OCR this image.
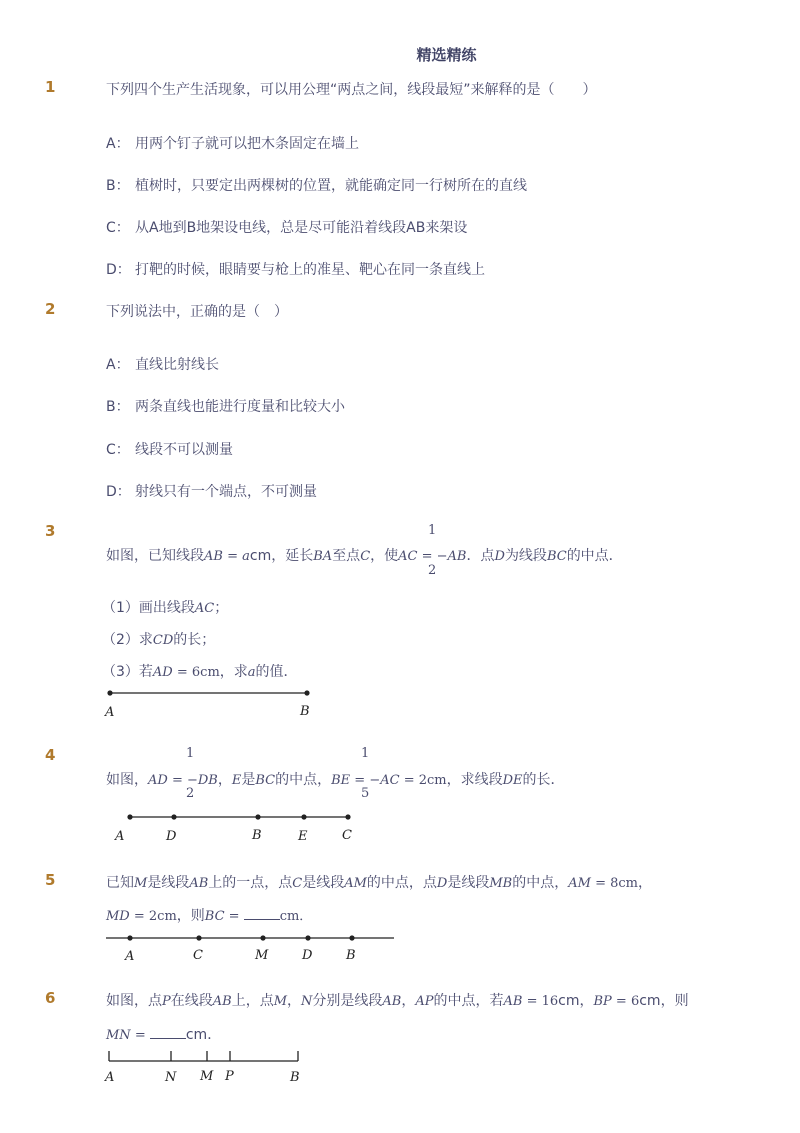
精选精练
1	下列四个生产生活现象，可以用公理“两点之间，线段最短”来解释的是（　　）
A： 用两个钉子就可以把木条固定在墙上
B： 植树时，只要定出两棵树的位置，就能确定同一行树所在的直线
C： 从A地到B地架设电线，总是尽可能沿着线段AB来架设
D： 打靶的时候，眼睛要与枪上的准星、靶心在同一条直线上
2	下列说法中，正确的是（　）
A： 直线比射线长
B： 两条直线也能进行度量和比较大小
C： 线段不可以测量
D： 射线只有一个端点，不可测量
3	1
2
如图，已知线段AB = acm，延长BA至点C，使AC = −AB．点D为线段BC的中点．
（1）画出线段AC；
（2）求CD的长；
（3）若AD = 6cm，求a的值．
A	B
4	1
2
1
5
如图，AD = −DB，E是BC的中点，BE = −AC = 2cm，求线段DE的长．
A	D	B	E	C
5	已知M是线段AB上的一点，点C是线段AM的中点，点D是线段MB的中点，AM = 8cm，
MD = 2cm，则BC =	cm．
A	C	M	D	B
6	如图，点P在线段AB上，点M，N分别是线段AB，AP的中点，若AB = 16cm，BP = 6cm，则
MN =	cm．
A	N M P	B
